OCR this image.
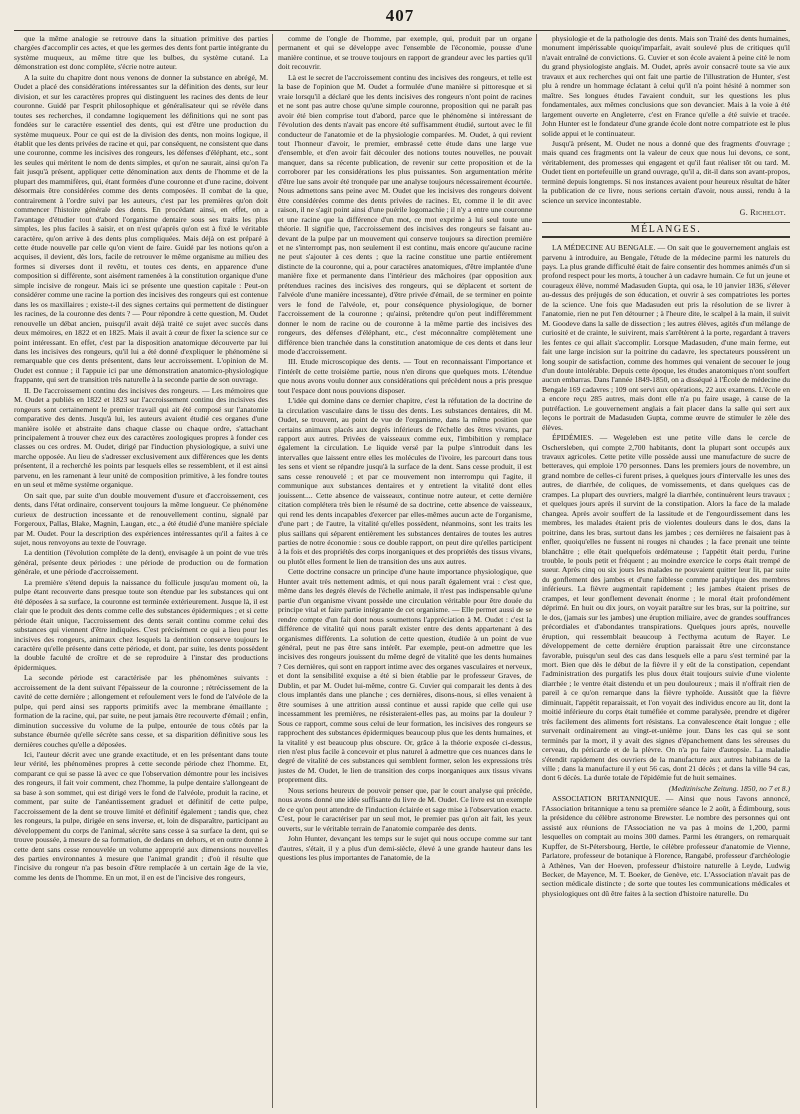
407

que la même analogie se retrouve dans la situation primitive des parties chargées d'accomplir ces actes, et que les germes des dents font partie intégrante du système muqueux, au même titre que les bulbes, du système cutané. La démonstration est donc complète, s'écrie notre auteur.

A la suite du chapitre dont nous venons de donner la substance en abrégé, M. Oudet a placé des considérations intéressantes sur la définition des dents, sur leur division, et sur les caractères propres qui distinguent les racines des dents de leur couronne. Guidé par l'esprit philosophique et généralisateur qui se révèle dans toutes ses recherches, il condamne logiquement les définitions qui ne sont pas fondées sur le caractère essentiel des dents, qui est d'être une production du système muqueux. Pour ce qui est de la division des dents, non moins logique, il établit que les dents privées de racine et qui, par conséquent, ne consistent que dans une couronne, comme les incisives des rongeurs, les défenses d'éléphant, etc., sont les seules qui méritent le nom de dents simples, et qu'on ne saurait, ainsi qu'on l'a fait jusqu'à présent, appliquer cette dénomination aux dents de l'homme et de la plupart des mammifères, qui, étant formées d'une couronne et d'une racine, doivent désormais être considérées comme des dents composées. Il combat de la que, contrairement à l'ordre suivi par les auteurs, c'est par les premières qu'on doit commencer l'histoire générale des dents. En procédant ainsi, en effet, on a l'avantage d'étudier tout d'abord l'organisme dentaire sous ses traits les plus simples, les plus faciles à saisir, et on n'est qu'après qu'on est à fixé le véritable caractère, qu'on arrive à des dents plus compliquées. Mais déjà on est préparé à cette étude nouvelle par celle qu'on vient de faire. Guidé par les notions qu'on a acquises, il devient, dès lors, facile de retrouver le même organisme au milieu des formes si diverses dont il revêtu, et toutes ces dents, en apparence d'une composition si différente, sont aisément ramenées à la constitution organique d'une simple incisive de rongeur. Mais ici se présente une question capitale : Peut-on considérer comme une racine la portion des incisives des rongeurs qui est contenue dans les os maxillaires ; existe-t-il des signes certains qui permettent de distinguer les racines, de la couronne des dents ? — Pour répondre à cette question, M. Oudet renouvelle un débat ancien, puisqu'il avait déjà traité ce sujet avec succès dans deux mémoires, en 1822 et en 1825. Mais il avait à cœur de fixer la science sur ce point intéressant. En effet, c'est par la disposition anatomique découverte par lui dans les incisives des rongeurs, qu'il lui a été donné d'expliquer le phénomène si remarquable que ces dents présentent, dans leur accroissement. L'opinion de M. Oudet est connue ; il l'appuie ici par une démonstration anatomico-physiologique frappante, qui sert de transition très naturelle à la seconde partie de son ouvrage.

II. De l'accroissement continu des incisives des rongeurs. — Les mémoires que M. Oudet a publiés en 1822 et 1823 sur l'accroissement continu des incisives des rongeurs sont certainement le premier travail qui ait été composé sur l'anatomie comparative des dents. Jusqu'à lui, les auteurs avaient étudié ces organes d'une manière isolée et abstraite dans chaque classe ou chaque ordre, s'attachant principalement à trouver chez eux des caractères zoologiques propres à fonder ces classes ou ces ordres. M. Oudet, dirigé par l'induction physiologique, a suivi une marche opposée. Au lieu de s'adresser exclusivement aux différences que les dents présentent, il a recherché les points par lesquels elles se ressemblent, et il est ainsi parvenu, en les ramenant à leur unité de composition primitive, à les fondre toutes en un seul et même système organique.

On sait que, par suite d'un double mouvement d'usure et d'accroissement, ces dents, dans l'état ordinaire, conservent toujours la même longueur. Ce phénomène curieux de destruction incessante et de renouvellement continu, signalé par Forgeroux, Pallas, Blake, Magnin, Laugan, etc., a été étudié d'une manière spéciale par M. Oudet. Pour la description des expériences intéressantes qu'il a faites à ce sujet, nous renvoyons au texte de l'ouvrage.

La dentition (l'évolution complète de la dent), envisagée à un point de vue très général, présente deux périodes : une période de production ou de formation générale, et une période d'accroissement.

La première s'étend depuis la naissance du follicule jusqu'au moment où, la pulpe étant recouverte dans presque toute son étendue par les substances qui ont été déposées à sa surface, la couronne est terminée extérieurement. Jusque là, il est clair que le produit des dents comme celle des substances épidermiques ; et si cette période était unique, l'accroissement des dents serait continu comme celui des substances qui viennent d'être indiquées. C'est précisément ce qui a lieu pour les incisives des rongeurs, animaux chez lesquels la dentition conserve toujours le caractère qu'elle présente dans cette période, et dont, par suite, les dents possèdent la double faculté de croître et de se reproduire à l'instar des productions épidermiques.

La seconde période est caractérisée par les phénomènes suivants : accroissement de la dent suivant l'épaisseur de la couronne ; rétrécissement de la cavité de cette dernière ; allongement et refoulement vers le fond de l'alvéole de la pulpe, qui perd ainsi ses rapports primitifs avec la membrane émaillante ; formation de la racine, qui, par suite, ne peut jamais être recouverte d'émail ; enfin, diminution successive du volume de la pulpe, entourée de tous côtés par la substance éburnée qu'elle sécrète sans cesse, et sa disparition définitive sous les dernières couches qu'elle a déposées.

Ici, l'auteur décrit avec une grande exactitude, et en les présentant dans toute leur vérité, les phénomènes propres à cette seconde période chez l'homme. Et, comparant ce qui se passe là avec ce que l'observation démontre pour les incisives des rongeurs, il fait voir comment, chez l'homme, la pulpe dentaire s'allongeant de sa base à son sommet, qui est dirigé vers le fond de l'alvéole, produit la racine, et comment, par suite de l'anéantissement graduel et définitif de cette pulpe, l'accroissement de la dent se trouve limité et définitif également ; tandis que, chez les rongeurs, la pulpe, dirigée en sens inverse, et, loin de disparaître, participant au développement du corps de l'animal, sécrète sans cesse à sa surface la dent, qui se trouve poussée, à mesure de sa formation, de dedans en dehors, et en outre donne à cette dent sans cesse renouvelée un volume approprié aux dimensions nouvelles des parties environnantes à mesure que l'animal grandit ; d'où il résulte que l'incisive du rongeur n'a pas besoin d'être remplacée à un certain âge de la vie, comme les dents de l'homme. En un mot, il en est de l'incisive des rongeurs,

comme de l'ongle de l'homme, par exemple, qui, produit par un organe permanent et qui se développe avec l'ensemble de l'économie, pousse d'une manière continue, et se trouve toujours en rapport de grandeur avec les parties qu'il doit recouvrir.

Là est le secret de l'accroissement continu des incisives des rongeurs, et telle est la base de l'opinion que M. Oudet a formulée d'une manière si pittoresque et si vraie lorsqu'il a déclaré que les dents incisives des rongeurs n'ont point de racines et ne sont pas autre chose qu'une simple couronne, proposition qui ne paraît pas avoir été bien comprise tout d'abord, parce que le phénomène si intéressant de l'évolution des dents n'avait pas encore été suffisamment étudié, surtout avec le fil conducteur de l'anatomie et de la physiologie comparées. M. Oudet, à qui revient tout l'honneur d'avoir, le premier, embrassé cette étude dans une large vue d'ensemble, et d'en avoir fait découler des notions toutes nouvelles, ne pouvait manquer, dans sa récente publication, de revenir sur cette proposition et de la corroborer par les considérations les plus puissantes. Son argumentation mérite d'être lue sans avoir été tronquée par une analyse toujours nécessairement écourtée. Nous admettons sans peine avec M. Oudet que les incisives des rongeurs doivent être considérées comme des dents privées de racines. Et, comme il le dit avec raison, il ne s'agit point ainsi d'une puérile logomachie ; il n'y a entre une couronne et une racine que la différence d'un mot, ce mot exprime à lui seul toute une théorie. Il signifie que, l'accroissement des incisives des rongeurs se faisant au-devant de la pulpe par un mouvement qui conserve toujours sa direction première et ne s'interrompt pas, non seulement il est continu, mais encore qu'aucune racine ne peut s'ajouter à ces dents ; que la racine constitue une partie entièrement distincte de la couronne, qui a, pour caractères anatomiques, d'être implantée d'une manière fixe et permanente dans l'intérieur des mâchoires (par opposition aux prétendues racines des incisives des rongeurs, qui se déplacent et sortent de l'alvéole d'une manière incessante), d'être privée d'émail, de se terminer en pointe vers le fond de l'alvéole, et, pour conséquence physiologique, de borner l'accroissement de la couronne ; qu'ainsi, prétendre qu'on peut indifféremment donner le nom de racine ou de couronne à la même partie des incisives des rongeurs, des défenses d'éléphant, etc., c'est méconnaître complètement une différence bien tranchée dans la constitution anatomique de ces dents et dans leur mode d'accroissement.

III. Etude microscopique des dents. — Tout en reconnaissant l'importance et l'intérêt de cette troisième partie, nous n'en dirons que quelques mots. L'étendue que nous avons voulu donner aux considérations qui précèdent nous a pris presque tout l'espace dont nous pouvions disposer.

L'idée qui domine dans ce dernier chapitre, c'est la réfutation de la doctrine de la circulation vasculaire dans le tissu des dents. Les substances dentaires, dit M. Oudet, se trouvent, au point de vue de l'organisme, dans la même position que certains animaux placés aux degrés inférieurs de l'échelle des êtres vivants, par rapport aux autres. Privées de vaisseaux comme eux, l'imbibition y remplace également la circulation. Le liquide versé par la pulpe s'introduit dans les intervalles que laissent entre elles les molécules de l'ivoire, les parcourt dans tous les sens et vient se répandre jusqu'à la surface de la dent. Sans cesse produit, il est sans cesse renouvelé ; et par ce mouvement non interrompu qui l'agite, il communique aux substances dentaires et y entretient la vitalité dont elles jouissent.... Cette absence de vaisseaux, continue notre auteur, et cette dernière citation complétera très bien le résumé de sa doctrine, cette absence de vaisseaux, qui rend les dents incapables d'exercer par elles-mêmes aucun acte de l'organisme, d'une part ; de l'autre, la vitalité qu'elles possèdent, néanmoins, sont les traits les plus saillans qui séparent entièrement les substances dentaires de toutes les autres parties de notre économie : sous ce double rapport, on peut dire qu'elles participent à la fois et des propriétés des corps inorganiques et des propriétés des tissus vivans, ou plutôt elles forment le lien de transition des uns aux autres.

Cette doctrine consacre un principe d'une haute importance physiologique, que Hunter avait très nettement admis, et qui nous paraît également vrai : c'est que, même dans les degrés élevés de l'échelle animale, il n'est pas indispensable qu'une partie d'un organisme vivant possède une circulation véritable pour être douée du principe vital et faire partie intégrante de cet organisme. — Elle permet aussi de se rendre compte d'un fait dont nous soumettons l'appréciation à M. Oudet : c'est la différence de vitalité qui nous paraît exister entre des dents appartenant à des organismes différents. La solution de cette question, étudiée à un point de vue général, peut ne pas être sans intérêt. Par exemple, peut-on admettre que les incisives des rongeurs jouissent du même degré de vitalité que les dents humaines ? Ces dernières, qui sont en rapport intime avec des organes vasculaires et nerveux, et dont la sensibilité exquise a été si bien établie par le professeur Graves, de Dublin, et par M. Oudet lui-même, contre G. Cuvier qui comparait les dents à des clous implantés dans une planche ; ces dernières, disons-nous, si elles venaient à être soumises à une attrition aussi continue et aussi rapide que celle qui use incessamment les premières, ne résisteraient-elles pas, au moins par la douleur ? Sous ce rapport, comme sous celui de leur formation, les incisives des rongeurs se rapprochent des substances épidermiques beaucoup plus que les dents humaines, et la vitalité y est beaucoup plus obscure. Or, grâce à la théorie exposée ci-dessus, rien n'est plus facile à concevoir et plus naturel à admettre que ces nuances dans le degré de vitalité de ces substances qui semblent former, selon les expressions très justes de M. Oudet, le lien de transition des corps inorganiques aux tissus vivans proprement dits.

Nous serions heureux de pouvoir penser que, par le court analyse qui précède, nous avons donné une idée suffisante du livre de M. Oudet. Ce livre est un exemple de ce qu'on peut attendre de l'induction éclairée et sage mise à l'observation exacte. C'est, pour le caractériser par un seul mot, le premier pas qu'on ait fait, les yeux ouverts, sur le véritable terrain de l'anatomie comparée des dents.

John Hunter, devançant les temps sur le sujet qui nous occupe comme sur tant d'autres, s'était, il y a plus d'un demi-siècle, élevé à une grande hauteur dans les questions les plus importantes de l'anatomie, de la

physiologie et de la pathologie des dents. Mais son Traité des dents humaines, monument impérissable quoiqu'imparfait, avait soulevé plus de critiques qu'il n'avait entraîné de convictions. G. Cuvier et son école avaient à peine cité le nom du grand physiologiste anglais. M. Oudet, après avoir consacré toute sa vie aux travaux et aux recherches qui ont fait une partie de l'illustration de Hunter, s'est plu à rendre un hommage éclatant à celui qu'il n'a point hésité à nommer son maître. Ses longues études l'avaient conduit, sur les questions les plus fondamentales, aux mêmes conclusions que son devancier. Mais à la voie à été largement ouverte en Angleterre, c'est en France qu'elle a été suivie et tracée. John Hunter est le fondateur d'une grande école dont notre compatriote est le plus solide appui et le continuateur.

Jusqu'à présent, M. Oudet ne nous a donné que des fragments d'ouvrage ; mais quand ces fragments ont la valeur de ceux que nous lui devons, ce sont, véritablement, des promesses qui engagent et qu'il faut réaliser tôt ou tard. M. Oudet tient en portefeuille un grand ouvrage, qu'il a, dit-il dans son avant-propos, terminé depuis longtemps. Si nos instances avaient pour heureux résultat de hâter la publication de ce livre, nous serions certain d'avoir, nous aussi, rendu à la science un service incontestable.

G. Richelot.
MÉLANGES.

LA MÉDECINE AU BENGALE. — On sait que le gouvernement anglais est parvenu à introduire, au Bengale, l'étude de la médecine parmi les naturels du pays. La plus grande difficulté était de faire consentir des hommes animés d'un si profond respect pour les morts, à toucher à un cadavre humain. Ce fut un jeune et courageux élève, nommé Madasuden Gupta, qui osa, le 10 janvier 1836, s'élever au-dessus des préjugés de son éducation, et ouvrir à ses compatriotes les portes de la science. Une fois que Madasuden eut pris la résolution de se livrer à l'anatomie, rien ne put l'en détourner ; à l'heure dite, le scalpel à la main, il suivit M. Goodeve dans la salle de dissection ; les autres élèves, agités d'un mélange de curiosité et de crainte, le suivirent, mais s'arrêtèrent à la porte, regardant à travers les fentes ce qui allait s'accomplir. Lorsque Madasuden, d'une main ferme, eut fait une large incision sur la poitrine du cadavre, les spectateurs poussèrent un long soupir de satisfaction, comme des hommes qui venaient de secouer le joug d'un doute intolérable. Depuis cette époque, les études anatomiques n'ont souffert aucun embarras. Dans l'année 1849-1850, on a disséqué à l'École de médecine du Bengale 169 cadavres ; 109 ont servi aux opérations, 22 aux examens. L'école en a encore reçu 285 autres, mais dont elle n'a pu faire usage, à cause de la putréfaction. Le gouvernement anglais a fait placer dans la salle qui sert aux leçons le portrait de Madasuden Gupta, comme œuvre de stimuler le zèle des élèves.

ÉPIDÉMIES. — Wegeleben est une petite ville dans le cercle de Oschersleben, qui compte 2,700 habitants, dont la plupart sont occupés aux travaux agricoles. Cette petite ville possède aussi une manufacture de sucre de betteraves, qui emploie 170 personnes. Dans les premiers jours de novembre, un grand nombre de celles-ci furent prises, à quelques jours d'intervalle les unes des autres, de diarrhée, de coliques, de vomissements, et dans quelques cas de crampes. La plupart des ouvriers, malgré la diarrhée, continuèrent leurs travaux ; et quelques jours après il survint de la constipation. Alors la face de la malade changea. Après avoir souffert de la lassitude et de l'engourdissement dans les membres, les malades étaient pris de violentes douleurs dans le dos, dans la poitrine, dans les bras, surtout dans les jambes ; ces dernières ne faisaient pas à enfler, quoiqu'elles ne fussent ni rouges ni chaudes ; la face prenait une teinte blanchâtre ; elle était quelquefois œdémateuse ; l'appétit était perdu, l'urine trouble, le pouls petit et fréquent ; au moindre exercice le corps était trempé de sueur. Après cinq ou six jours les malades ne pouvaient quitter leur lit, par suite du gonflement des jambes et d'une faiblesse comme paralytique des membres inférieurs. La fièvre augmentait rapidement ; les jambes étaient prises de crampes, et leur gonflement devenait énorme ; le moral était profondément déprimé. En huit ou dix jours, on voyait paraître sur les bras, sur la poitrine, sur le dos, (jamais sur les jambes) une éruption miliaire, avec de grandes souffrances précordiales et d'abondantes transpirations. Quelques jours après, nouvelle éruption, qui ressemblait beaucoup à l'ecthyma acutum de Rayer. Le développement de cette dernière éruption paraissait être une circonstance favorable, puisqu'un seul des cas dans lesquels elle a paru s'est terminé par la mort. Bien que dès le début de la fièvre il y eût de la constipation, cependant l'administration des purgatifs les plus doux était toujours suivie d'une violente diarrhée ; le ventre était distendu et un peu douloureux ; mais il n'offrait rien de pareil à ce qu'on remarque dans la fièvre typhoïde. Aussitôt que la fièvre diminuait, l'appétit reparaissait, et l'on voyait des individus encore au lit, dont la moitié inférieure du corps était tuméfiée et comme paralysée, prendre et digérer très facilement des aliments fort résistans. La convalescence était longue ; elle survenait ordinairement au vingt-et-unième jour. Dans les cas qui se sont terminés par la mort, il y avait des signes d'épanchement dans les séreuses du cerveau, du péricarde et de la plèvre. On n'a pu faire d'autopsie. La maladie s'étendit rapidement des ouvriers de la manufacture aux autres habitans de la ville ; dans la manufacture il y eut 56 cas, dont 21 décès ; et dans la ville 94 cas, dont 6 décès. La durée totale de l'épidémie fut de huit semaines.

(Medizinische Zeitung. 1850, no 7 et 8.)

ASSOCIATION BRITANNIQUE. — Ainsi que nous l'avons annoncé, l'Association britannique a tenu sa première séance le 2 août, à Édimbourg, sous la présidence du célèbre astronome Brewster. Le nombre des personnes qui ont assisté aux réunions de l'Association ne va pas à moins de 1,200, parmi lesquelles on comptait au moins 300 dames. Parmi les étrangers, on remarquait Kupffer, de St-Pétersbourg, Hertle, le célèbre professeur d'anatomie de Vienne, Parlatore, professeur de botanique à Florence, Rangabé, professeur d'archéologie à Athènes, Van der Hoeven, professeur d'histoire naturelle à Leyde, Ludwig Becker, de Mayence, M. T. Boeker, de Genève, etc. L'Association n'avait pas de section médicale distincte ; de sorte que toutes les communications médicales et physiologiques ont dû être faites à la section d'histoire naturelle. Du
